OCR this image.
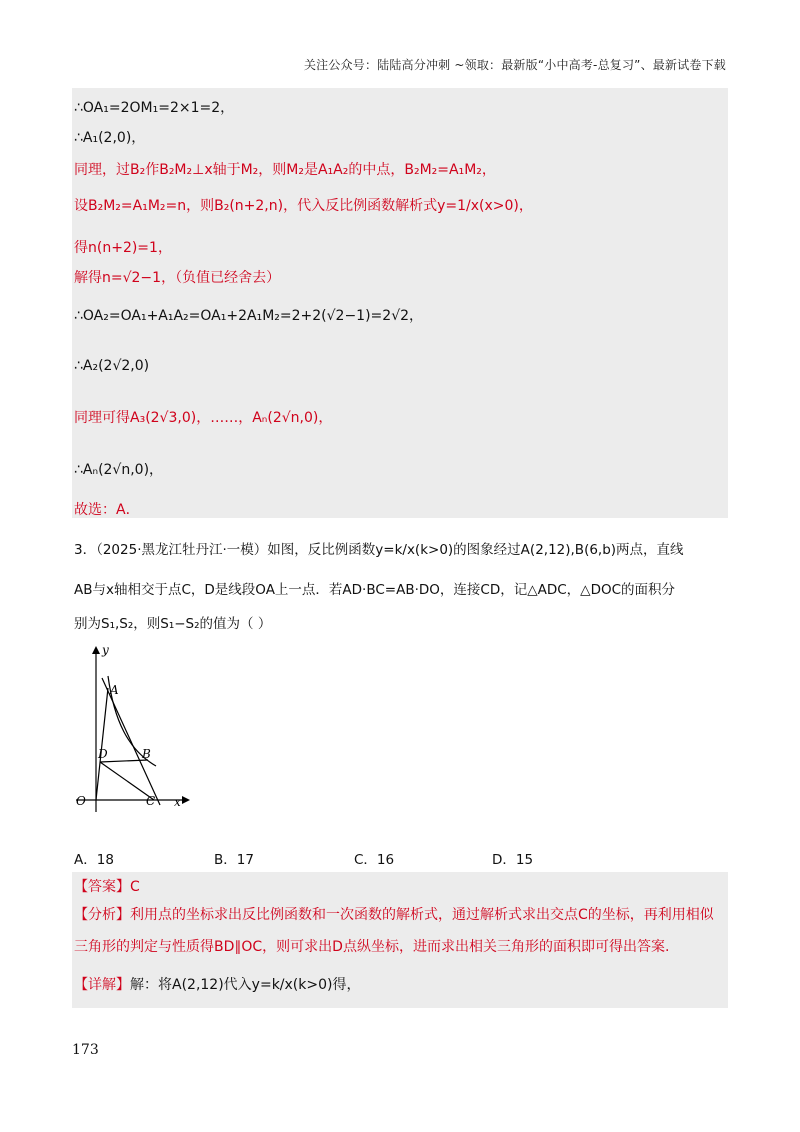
关注公众号：陆陆高分冲刺 ~领取：最新版“小中高考-总复习”、最新试卷下载
∴OA₁=2OM₁=2×1=2，
∴A₁(2,0)，
同理，过B₂作B₂M₂⊥x轴于M₂，则M₂是A₁A₂的中点，B₂M₂=A₁M₂，
设B₂M₂=A₁M₂=n，则B₂(n+2,n)，代入反比例函数解析式y=1/x(x>0)，
得n(n+2)=1，
解得n=√2−1，（负值已经舍去）
∴OA₂=OA₁+A₁A₂=OA₁+2A₁M₂=2+2(√2−1)=2√2，
∴A₂(2√2,0)
同理可得A₃(2√3,0)，……，Aₙ(2√n,0)，
∴Aₙ(2√n,0)，
故选：A．
3．（2025·黑龙江牡丹江·一模）如图，反比例函数y=k/x(k>0)的图象经过A(2,12),B(6,b)两点，直线
AB与x轴相交于点C，D是线段OA上一点．若AD·BC=AB·DO，连接CD，记△ADC，△DOC的面积分
别为S₁,S₂，则S₁−S₂的值为（ ）
y
x
O
A
B
C
D
A．18	B．17	C．16	D．15
【答案】C
【分析】利用点的坐标求出反比例函数和一次函数的解析式，通过解析式求出交点C的坐标，再利用相似
三角形的判定与性质得BD∥OC，则可求出D点纵坐标，进而求出相关三角形的面积即可得出答案.
【详解】解：将A(2,12)代入y=k/x(k>0)得，
173
